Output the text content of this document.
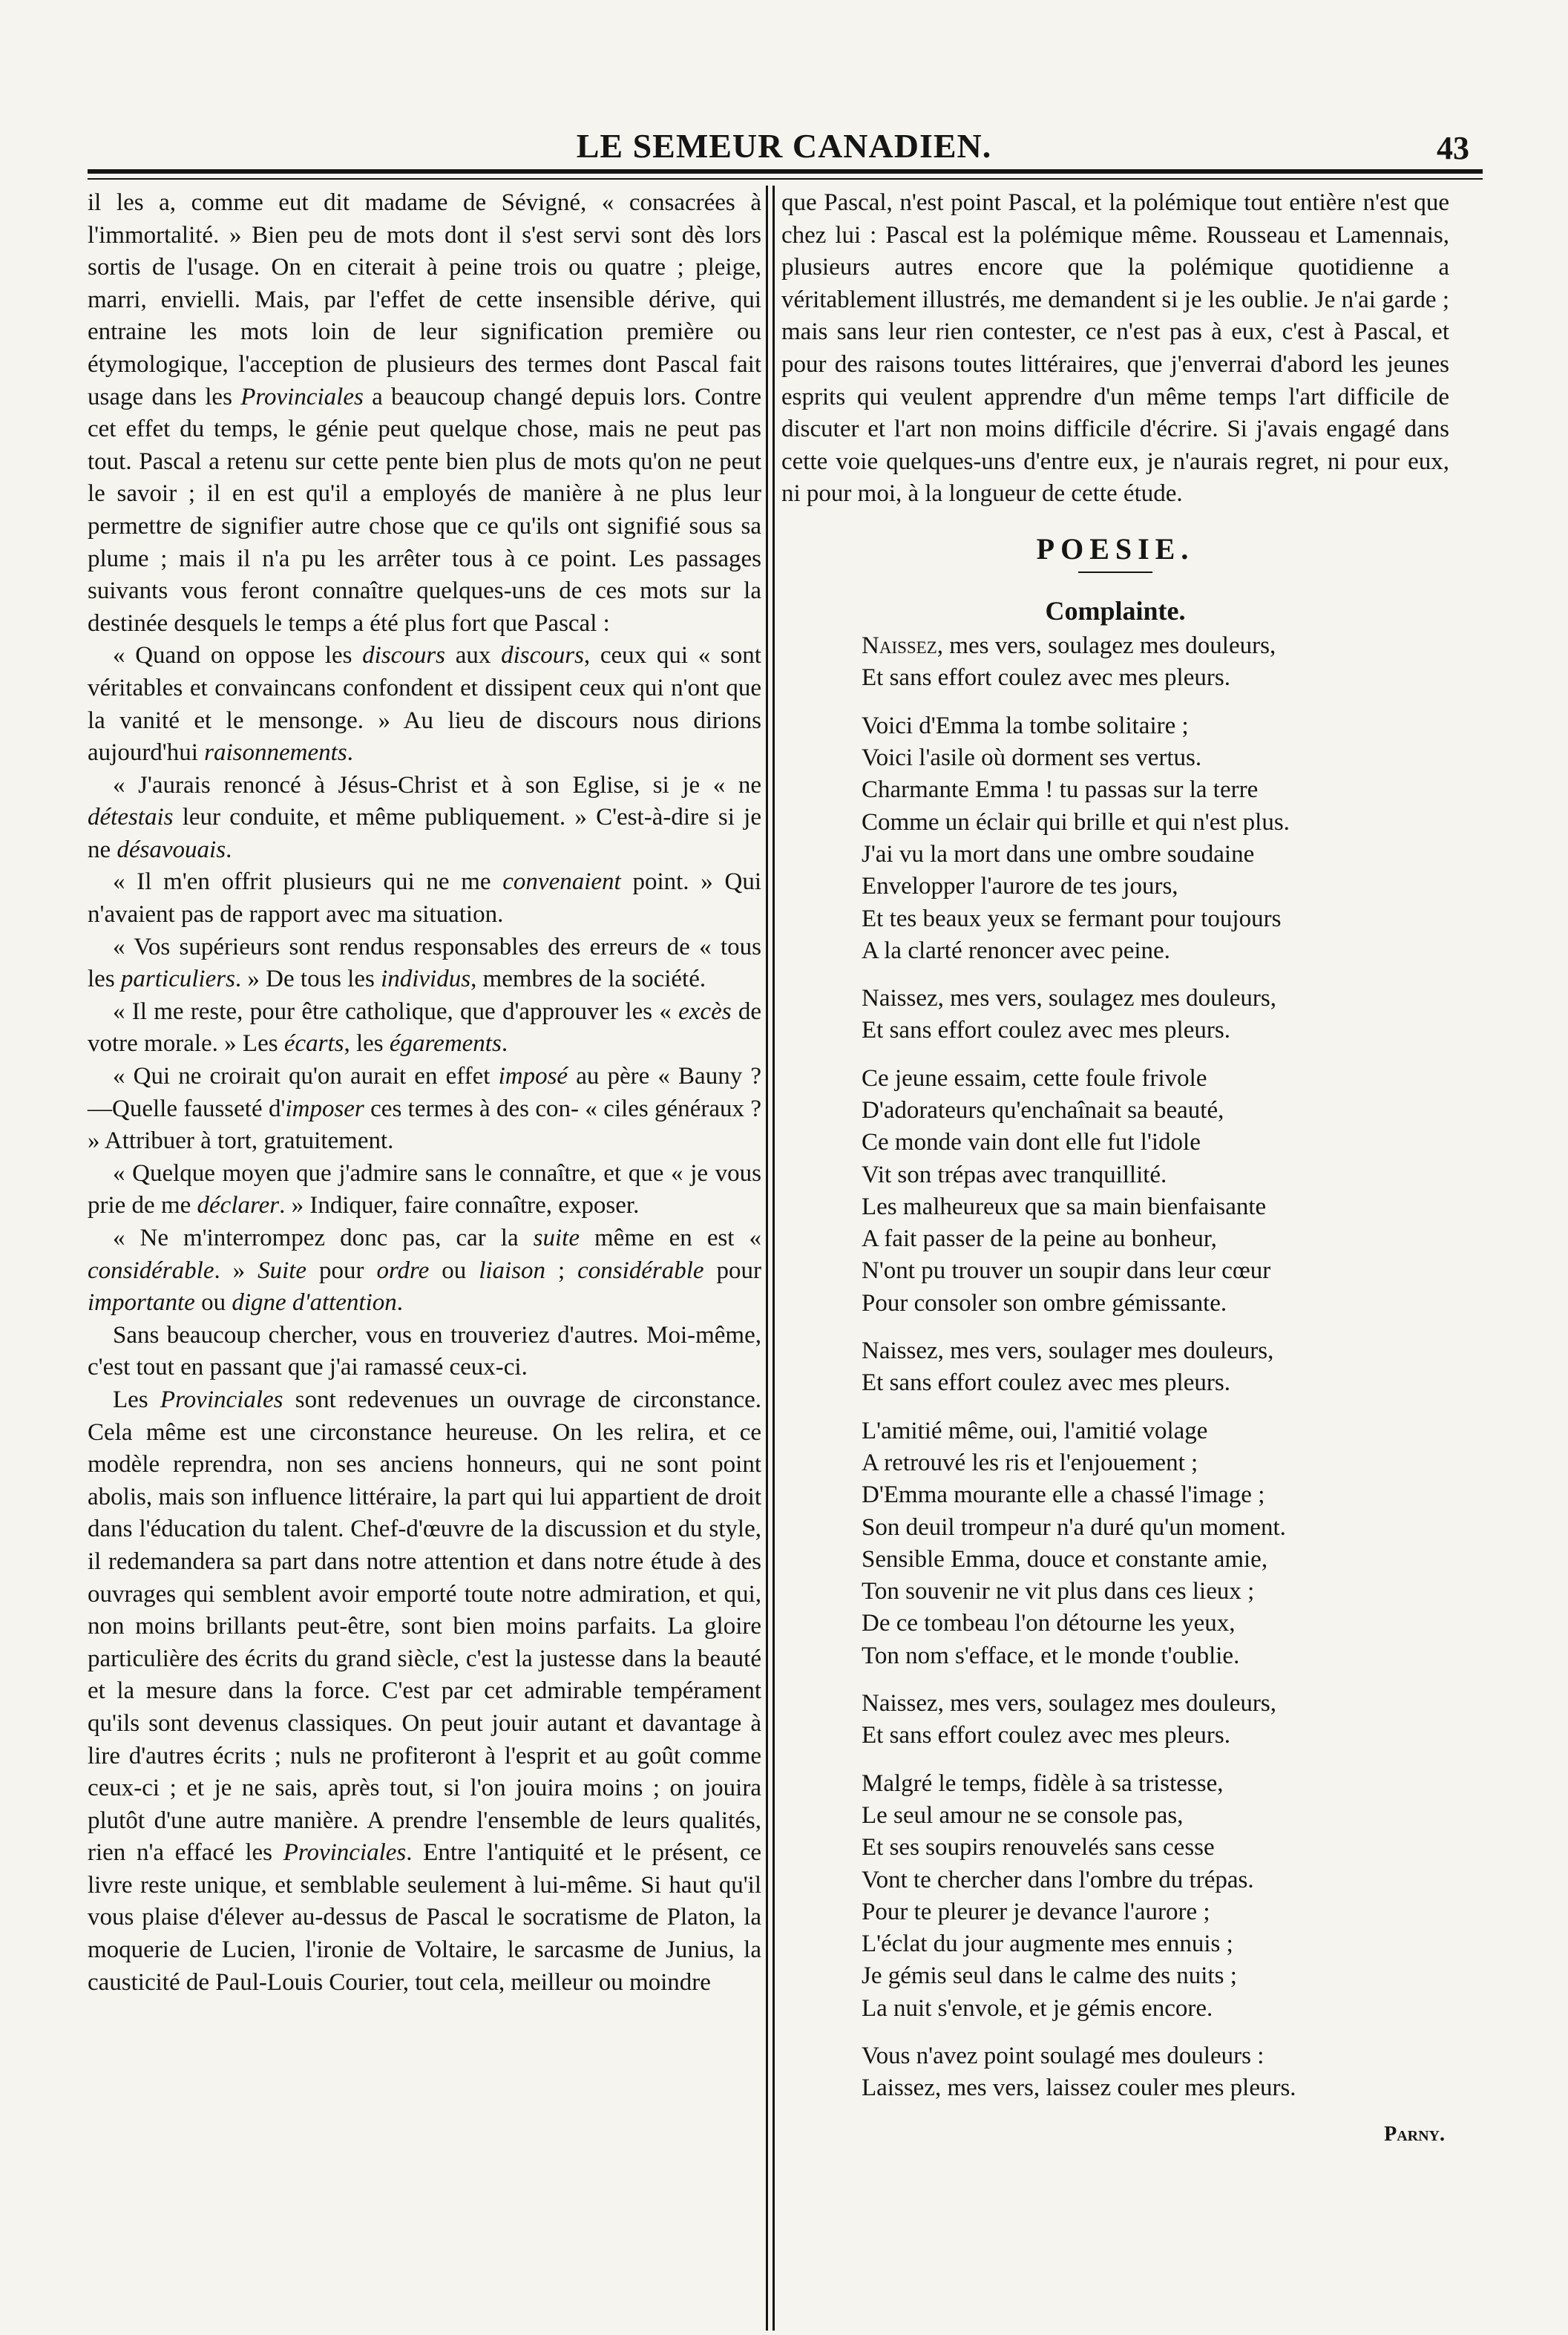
LE SEMEUR CANADIEN.	43

il les a, comme eut dit madame de Sévigné, « consacrées à l'immortalité. » Bien peu de mots dont il s'est servi sont dès lors sortis de l'usage. On en citerait à peine trois ou quatre ; pleige, marri, envielli. Mais, par l'effet de cette insensible dérive, qui entraine les mots loin de leur signification première ou étymologique, l'acception de plusieurs des termes dont Pascal fait usage dans les Provinciales a beaucoup changé depuis lors. Contre cet effet du temps, le génie peut quelque chose, mais ne peut pas tout. Pascal a retenu sur cette pente bien plus de mots qu'on ne peut le savoir ; il en est qu'il a employés de manière à ne plus leur permettre de signifier autre chose que ce qu'ils ont signifié sous sa plume ; mais il n'a pu les arrêter tous à ce point. Les passages suivants vous feront connaître quelques-uns de ces mots sur la destinée desquels le temps a été plus fort que Pascal :

« Quand on oppose les discours aux discours, ceux qui « sont véritables et convaincans confondent et dissipent ceux qui n'ont que la vanité et le mensonge. » Au lieu de discours nous dirions aujourd'hui raisonnements.

« J'aurais renoncé à Jésus-Christ et à son Eglise, si je « ne détestais leur conduite, et même publiquement. » C'est-à-dire si je ne désavouais.

« Il m'en offrit plusieurs qui ne me convenaient point. » Qui n'avaient pas de rapport avec ma situation.

« Vos supérieurs sont rendus responsables des erreurs de « tous les particuliers. » De tous les individus, membres de la société.

« Il me reste, pour être catholique, que d'approuver les « excès de votre morale. » Les écarts, les égarements.

« Qui ne croirait qu'on aurait en effet imposé au père « Bauny ? —Quelle fausseté d'imposer ces termes à des con- « ciles généraux ? » Attribuer à tort, gratuitement.

« Quelque moyen que j'admire sans le connaître, et que « je vous prie de me déclarer. » Indiquer, faire connaître, exposer.

« Ne m'interrompez donc pas, car la suite même en est « considérable. » Suite pour ordre ou liaison ; considérable pour importante ou digne d'attention.

Sans beaucoup chercher, vous en trouveriez d'autres. Moi-même, c'est tout en passant que j'ai ramassé ceux-ci.

Les Provinciales sont redevenues un ouvrage de circonstance. Cela même est une circonstance heureuse. On les relira, et ce modèle reprendra, non ses anciens honneurs, qui ne sont point abolis, mais son influence littéraire, la part qui lui appartient de droit dans l'éducation du talent. Chef-d'œuvre de la discussion et du style, il redemandera sa part dans notre attention et dans notre étude à des ouvrages qui semblent avoir emporté toute notre admiration, et qui, non moins brillants peut-être, sont bien moins parfaits. La gloire particulière des écrits du grand siècle, c'est la justesse dans la beauté et la mesure dans la force. C'est par cet admirable tempérament qu'ils sont devenus classiques. On peut jouir autant et davantage à lire d'autres écrits ; nuls ne profiteront à l'esprit et au goût comme ceux-ci ; et je ne sais, après tout, si l'on jouira moins ; on jouira plutôt d'une autre manière. A prendre l'ensemble de leurs qualités, rien n'a effacé les Provinciales. Entre l'antiquité et le présent, ce livre reste unique, et semblable seulement à lui-même. Si haut qu'il vous plaise d'élever au-dessus de Pascal le socratisme de Platon, la moquerie de Lucien, l'ironie de Voltaire, le sarcasme de Junius, la causticité de Paul-Louis Courier, tout cela, meilleur ou moindre

que Pascal, n'est point Pascal, et la polémique tout entière n'est que chez lui : Pascal est la polémique même. Rousseau et Lamennais, plusieurs autres encore que la polémique quotidienne a véritablement illustrés, me demandent si je les oublie. Je n'ai garde ; mais sans leur rien contester, ce n'est pas à eux, c'est à Pascal, et pour des raisons toutes littéraires, que j'enverrai d'abord les jeunes esprits qui veulent apprendre d'un même temps l'art difficile de discuter et l'art non moins difficile d'écrire. Si j'avais engagé dans cette voie quelques-uns d'entre eux, je n'aurais regret, ni pour eux, ni pour moi, à la longueur de cette étude.

POESIE.
Complainte.
Naissez, mes vers, soulagez mes douleurs,
Et sans effort coulez avec mes pleurs.
Voici d'Emma la tombe solitaire ;
Voici l'asile où dorment ses vertus.
Charmante Emma ! tu passas sur la terre
Comme un éclair qui brille et qui n'est plus.
J'ai vu la mort dans une ombre soudaine
Envelopper l'aurore de tes jours,
Et tes beaux yeux se fermant pour toujours
A la clarté renoncer avec peine.
Naissez, mes vers, soulagez mes douleurs,
Et sans effort coulez avec mes pleurs.
Ce jeune essaim, cette foule frivole
D'adorateurs qu'enchaînait sa beauté,
Ce monde vain dont elle fut l'idole
Vit son trépas avec tranquillité.
Les malheureux que sa main bienfaisante
A fait passer de la peine au bonheur,
N'ont pu trouver un soupir dans leur cœur
Pour consoler son ombre gémissante.
Naissez, mes vers, soulager mes douleurs,
Et sans effort coulez avec mes pleurs.
L'amitié même, oui, l'amitié volage
A retrouvé les ris et l'enjouement ;
D'Emma mourante elle a chassé l'image ;
Son deuil trompeur n'a duré qu'un moment.
Sensible Emma, douce et constante amie,
Ton souvenir ne vit plus dans ces lieux ;
De ce tombeau l'on détourne les yeux,
Ton nom s'efface, et le monde t'oublie.
Naissez, mes vers, soulagez mes douleurs,
Et sans effort coulez avec mes pleurs.
Malgré le temps, fidèle à sa tristesse,
Le seul amour ne se console pas,
Et ses soupirs renouvelés sans cesse
Vont te chercher dans l'ombre du trépas.
Pour te pleurer je devance l'aurore ;
L'éclat du jour augmente mes ennuis ;
Je gémis seul dans le calme des nuits ;
La nuit s'envole, et je gémis encore.
Vous n'avez point soulagé mes douleurs :
Laissez, mes vers, laissez couler mes pleurs.
Parny.
